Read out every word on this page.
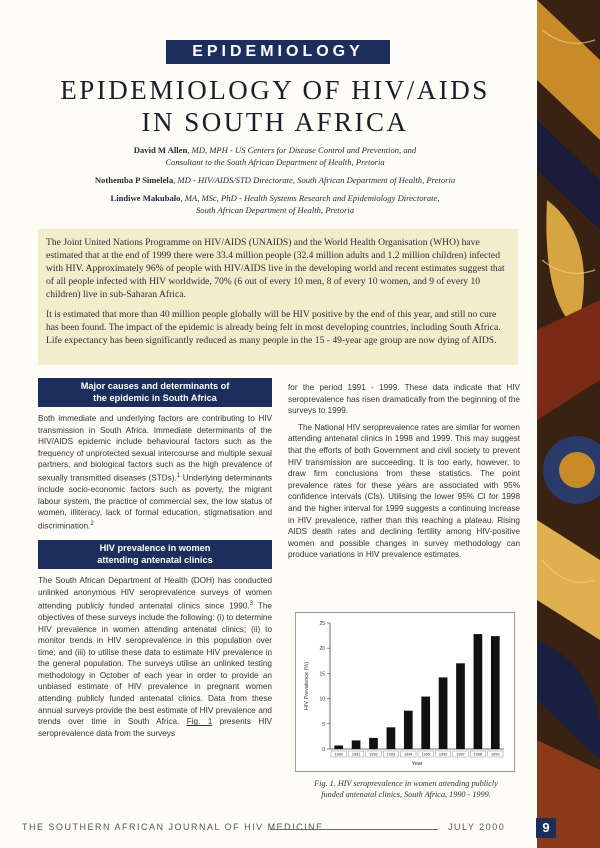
EPIDEMIOLOGY
EPIDEMIOLOGY OF HIV/AIDS
IN SOUTH AFRICA

David M Allen, MD, MPH - US Centers for Disease Control and Prevention, and
Consultant to the South African Department of Health, Pretoria

Nothemba P Simelela, MD - HIV/AIDS/STD Directorate, South African Department of Health, Pretoria

Lindiwe Makubalo, MA, MSc, PhD - Health Systems Research and Epidemiology Directorate,
South African Department of Health, Pretoria

The Joint United Nations Programme on HIV/AIDS (UNAIDS) and the World Health Organisation (WHO) have estimated that at the end of 1999 there were 33.4 million people (32.4 million adults and 1.2 million children) infected with HIV. Approximately 96% of people with HIV/AIDS live in the developing world and recent estimates suggest that of all people infected with HIV worldwide, 70% (6 out of every 10 men, 8 of every 10 women, and 9 of every 10 children) live in sub-Saharan Africa.

It is estimated that more than 40 million people globally will be HIV positive by the end of this year, and still no cure has been found. The impact of the epidemic is already being felt in most developing countries, including South Africa. Life expectancy has been significantly reduced as many people in the 15 - 49-year age group are now dying of AIDS.

Major causes and determinants of
the epidemic in South Africa

Both immediate and underlying factors are contributing to HIV transmission in South Africa. Immediate determinants of the HIV/AIDS epidemic include behavioural factors such as the frequency of unprotected sexual intercourse and multiple sexual partners, and biological factors such as the high prevalence of sexually transmitted diseases (STDs).$^1$ Underlying determinants include socio-economic factors such as poverty, the migrant labour system, the practice of commercial sex, the low status of women, illiteracy, lack of formal education, stigmatisation and discrimination.$^2$

HIV prevalence in women
attending antenatal clinics

The South African Department of Health (DOH) has conducted unlinked anonymous HIV seroprevalence surveys of women attending publicly funded antenatal clinics since 1990.$^3$ The objectives of these surveys include the following: (i) to determine HIV prevalence in women attending antenatal clinics; (ii) to monitor trends in HIV seroprevalence in this population over time; and (iii) to utilise these data to estimate HIV prevalence in the general population. The surveys utilise an unlinked testing methodology in October of each year in order to provide an unbiased estimate of HIV prevalence in pregnant women attending publicly funded antenatal clinics. Data from these annual surveys provide the best estimate of HIV prevalence and trends over time in South Africa. Fig. 1 presents HIV seroprevalence data from the surveys

for the period 1991 - 1999. These data indicate that HIV seroprevalence has risen dramatically from the beginning of the surveys to 1999.

The National HIV seroprevalence rates are similar for women attending antenatal clinics in 1998 and 1999. This may suggest that the efforts of both Government and civil society to prevent HIV transmission are succeeding. It is too early, however, to draw firm conclusions from these statistics. The point prevalence rates for these years are associated with 95% confidence intervals (CIs). Utilising the lower 95% CI for 1998 and the higher interval for 1999 suggests a continuing increase in HIV prevalence, rather than this reaching a plateau. Rising AIDS death rates and declining fertility among HIV-positive women and possible changes in survey methodology can produce variations in HIV prevalence estimates.

0
5
10
15
20
25
HIV Prevalence (%)
1990 1991 1992 1993 1994 1995 1996 1997 1998 1999
Year
Fig. 1. HIV seroprevalence in women attending publicly
funded antenatal clinics, South Africa, 1990 - 1999.
THE SOUTHERN AFRICAN JOURNAL OF HIV MEDICINE	JULY 2000	9
